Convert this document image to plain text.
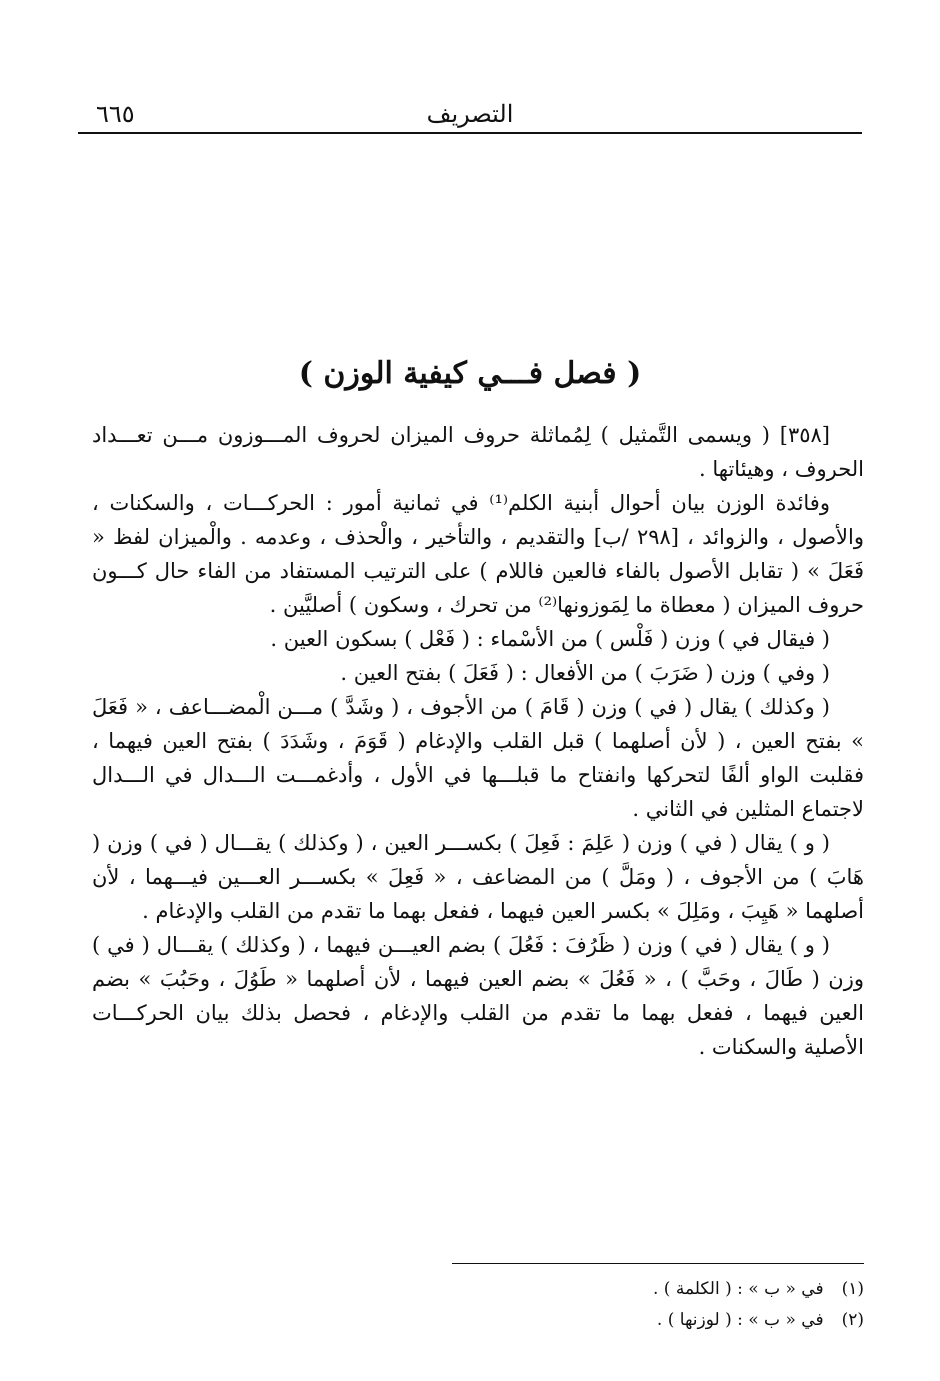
التصريف
٦٦٥
( فصل فـــي كيفية الوزن )

[٣٥٨] ( ويسمى التَّمثيل ) لِمُماثلة حروف الميزان لحروف المـــوزون مـــن تعـــداد الحروف ، وهيئاتها .

وفائدة الوزن بيان أحوال أبنية الكلم⁽¹⁾ في ثمانية أمور : الحركـــات ، والسكنات ، والأصول ، والزوائد ، [٢٩٨ /ب] والتقديم ، والتأخير ، والْحذف ، وعدمه . والْميزان لفظ « فَعَلَ » ( تقابل الأصول بالفاء فالعين فاللام ) على الترتيب المستفاد من الفاء حال كـــون حروف الميزان ( معطاة ما لِمَوزونها⁽²⁾ من تحرك ، وسكون ) أصليَّين .

( فيقال في ) وزن ( فَلْس ) من الأسْماء : ( فَعْل ) بسكون العين .

( وفي ) وزن ( ضَرَبَ ) من الأفعال : ( فَعَلَ ) بفتح العين .

( وكذلك ) يقال ( في ) وزن ( قَامَ ) من الأجوف ، ( وشَدَّ ) مـــن الْمضـــاعف ، « فَعَلَ » بفتح العين ، ( لأن أصلهما ) قبل القلب والإدغام ( قَوَمَ ، وشَدَدَ ) بفتح العين فيهما ، فقلبت الواو ألفًا لتحركها وانفتاح ما قبلـــها في الأول ، وأدغمـــت الـــدال في الـــدال لاجتماع المثلين في الثاني .

( و ) يقال ( في ) وزن ( عَلِمَ : فَعِلَ ) بكســـر العين ، ( وكذلك ) يقـــال ( في ) وزن ( هَابَ ) من الأجوف ، ( ومَلَّ ) من المضاعف ، « فَعِلَ » بكســـر العـــين فيـــهما ، لأن أصلهما « هَيِبَ ، ومَلِلَ » بكسر العين فيهما ، ففعل بهما ما تقدم من القلب والإدغام .

( و ) يقال ( في ) وزن ( ظَرُفَ : فَعُلَ ) بضم العيـــن فيهما ، ( وكذلك ) يقـــال ( في ) وزن ( طَالَ ، وحَبَّ ) ، « فَعُلَ » بضم العين فيهما ، لأن أصلهما « طَوُلَ ، وحَبُبَ » بضم العين فيهما ، ففعل بهما ما تقدم من القلب والإدغام ، فحصل بذلك بيان الحركـــات الأصلية والسكنات .

(١)في « ب » : ( الكلمة ) .

(٢)في « ب » : ( لوزنها ) .
